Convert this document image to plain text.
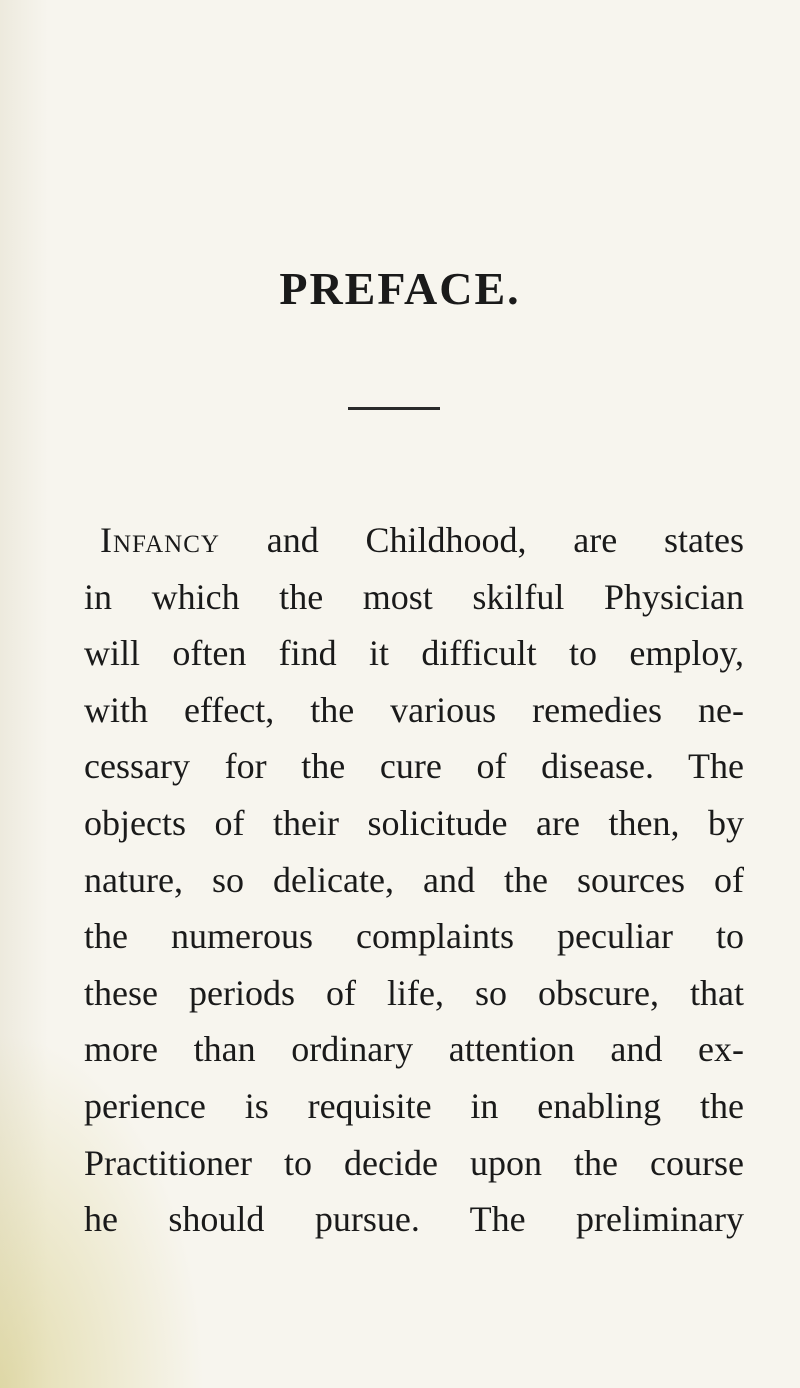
PREFACE.
Infancy and Childhood, are states
in which the most skilful Physician
will often find it difficult to employ,
with effect, the various remedies ne-
cessary for the cure of disease. The
objects of their solicitude are then, by
nature, so delicate, and the sources of
the numerous complaints peculiar to
these periods of life, so obscure, that
more than ordinary attention and ex-
perience is requisite in enabling the
Practitioner to decide upon the course
he should pursue. The preliminary
